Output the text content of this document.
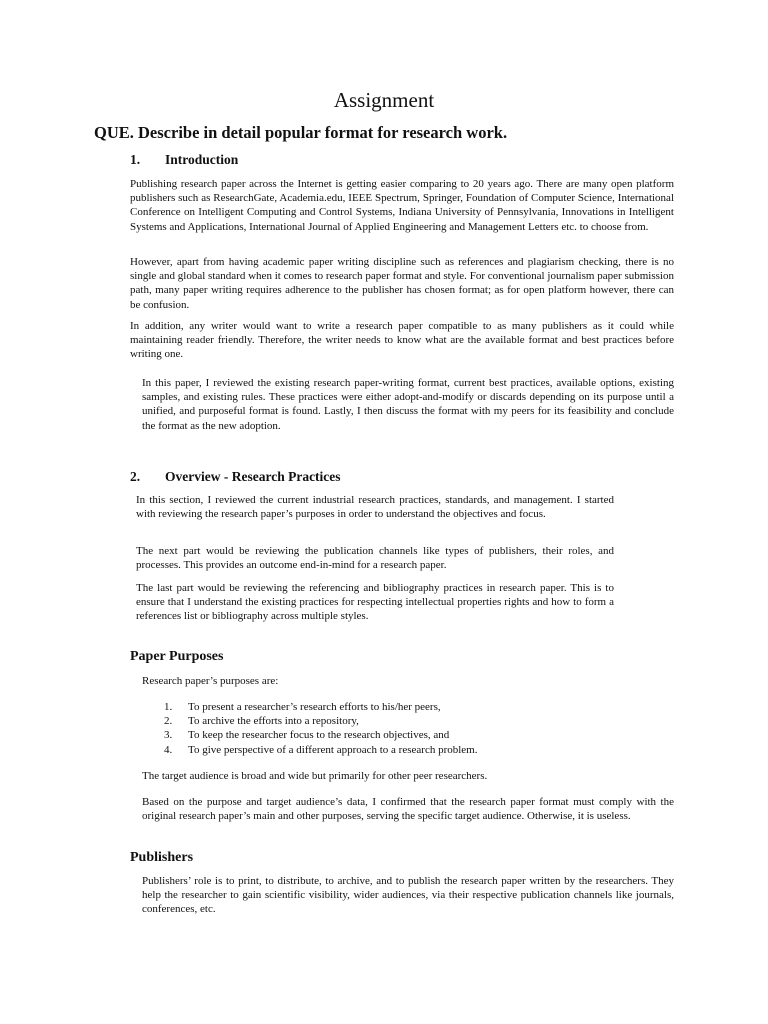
Assignment
QUE. Describe in detail popular format for research work.
1. Introduction

Publishing research paper across the Internet is getting easier comparing to 20 years ago. There are many open platform publishers such as ResearchGate, Academia.edu, IEEE Spectrum, Springer, Foundation of Computer Science, International Conference on Intelligent Computing and Control Systems, Indiana University of Pennsylvania, Innovations in Intelligent Systems and Applications, International Journal of Applied Engineering and Management Letters etc. to choose from.

However, apart from having academic paper writing discipline such as references and plagiarism checking, there is no single and global standard when it comes to research paper format and style. For conventional journalism paper submission path, many paper writing requires adherence to the publisher has chosen format; as for open platform however, there can be confusion.

In addition, any writer would want to write a research paper compatible to as many publishers as it could while maintaining reader friendly. Therefore, the writer needs to know what are the available format and best practices before writing one.

In this paper, I reviewed the existing research paper-writing format, current best practices, available options, existing samples, and existing rules. These practices were either adopt-and-modify or discards depending on its purpose until a unified, and purposeful format is found. Lastly, I then discuss the format with my peers for its feasibility and conclude the format as the new adoption.

2. Overview - Research Practices

In this section, I reviewed the current industrial research practices, standards, and management. I started with reviewing the research paper’s purposes in order to understand the objectives and focus.

The next part would be reviewing the publication channels like types of publishers, their roles, and processes. This provides an outcome end-in-mind for a research paper.

The last part would be reviewing the referencing and bibliography practices in research paper. This is to ensure that I understand the existing practices for respecting intellectual properties rights and how to form a references list or bibliography across multiple styles.

Paper Purposes

Research paper’s purposes are:

1.	To present a researcher’s research efforts to his/her peers,
2.	To archive the efforts into a repository,
3.	To keep the researcher focus to the research objectives, and
4.	To give perspective of a different approach to a research problem.

The target audience is broad and wide but primarily for other peer researchers.

Based on the purpose and target audience’s data, I confirmed that the research paper format must comply with the original research paper’s main and other purposes, serving the specific target audience. Otherwise, it is useless.

Publishers

Publishers’ role is to print, to distribute, to archive, and to publish the research paper written by the researchers. They help the researcher to gain scientific visibility, wider audiences, via their respective publication channels like journals, conferences, etc.
